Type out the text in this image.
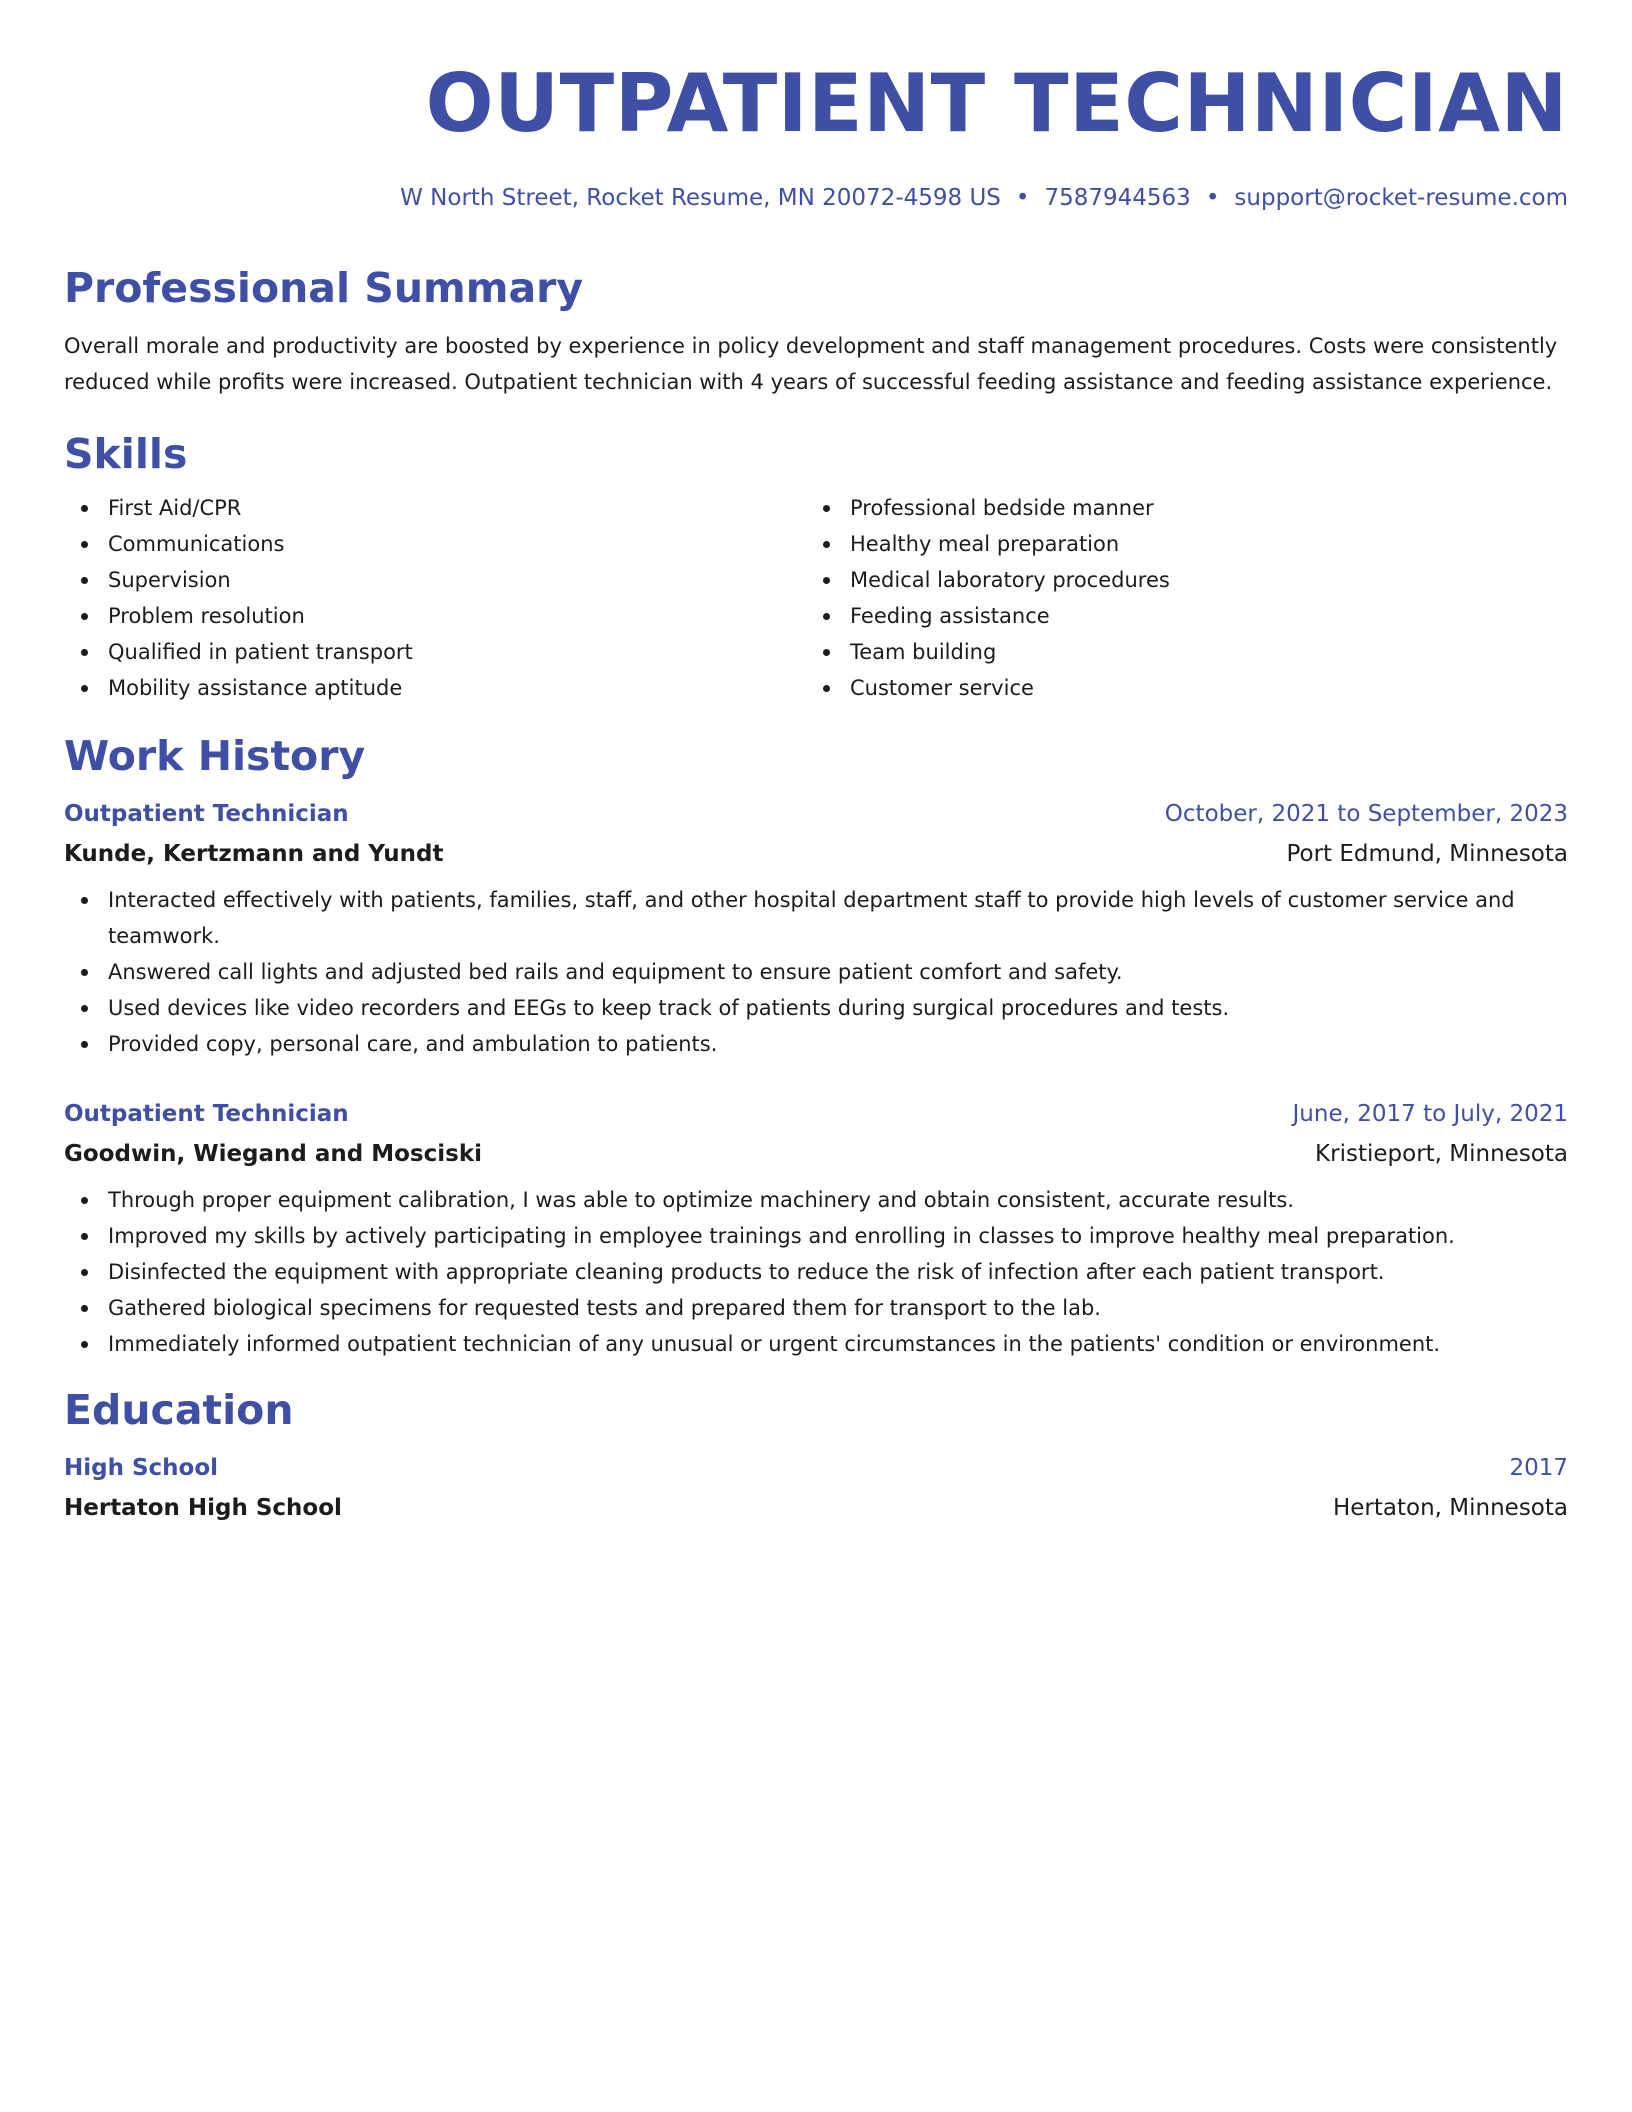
OUTPATIENT TECHNICIAN
W North Street, Rocket Resume, MN 20072-4598 US • 7587944563 • support@rocket-resume.com
Professional Summary
Overall morale and productivity are boosted by experience in policy development and staff management procedures. Costs were consistently reduced while profits were increased. Outpatient technician with 4 years of successful feeding assistance and feeding assistance experience.
Skills
First Aid/CPR
Communications
Supervision
Problem resolution
Qualified in patient transport
Mobility assistance aptitude
Professional bedside manner
Healthy meal preparation
Medical laboratory procedures
Feeding assistance
Team building
Customer service
Work History
Outpatient Technician	October, 2021 to September, 2023
Kunde, Kertzmann and Yundt	Port Edmund, Minnesota
Interacted effectively with patients, families, staff, and other hospital department staff to provide high levels of customer service and teamwork.
Answered call lights and adjusted bed rails and equipment to ensure patient comfort and safety.
Used devices like video recorders and EEGs to keep track of patients during surgical procedures and tests.
Provided copy, personal care, and ambulation to patients.
Outpatient Technician	June, 2017 to July, 2021
Goodwin, Wiegand and Mosciski	Kristieport, Minnesota
Through proper equipment calibration, I was able to optimize machinery and obtain consistent, accurate results.
Improved my skills by actively participating in employee trainings and enrolling in classes to improve healthy meal preparation.
Disinfected the equipment with appropriate cleaning products to reduce the risk of infection after each patient transport.
Gathered biological specimens for requested tests and prepared them for transport to the lab.
Immediately informed outpatient technician of any unusual or urgent circumstances in the patients' condition or environment.
Education
High School	2017
Hertaton High School	Hertaton, Minnesota
